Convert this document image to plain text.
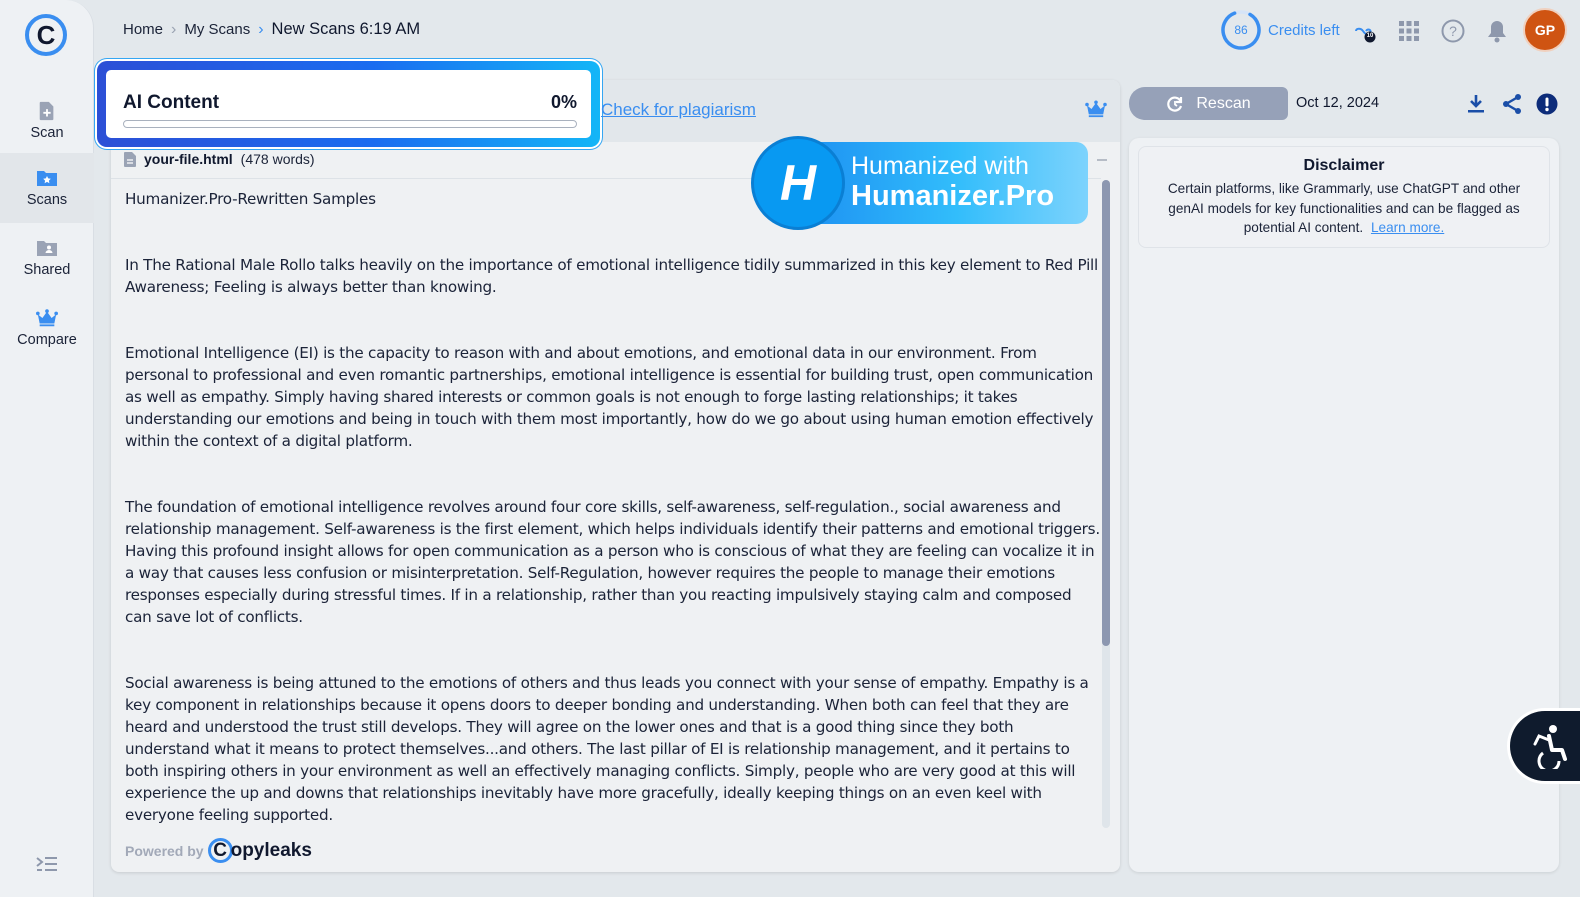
C
Scan
Scans
Shared
Compare
Home › My Scans › New Scans 6:19 AM	86	Credits left	10	?	GP
AI Content	0% Check for plagiarism
your-file.html (478 words)	Humanized with
Humanizer.Pro
H

Humanizer.Pro-Rewritten Samples

In The Rational Male Rollo talks heavily on the importance of emotional intelligence tidily summarized in this key element to Red Pill Awareness; Feeling is always better than knowing.

Emotional Intelligence (EI) is the capacity to reason with and about emotions, and emotional data in our environment. From personal to professional and even romantic partnerships, emotional intelligence is essential for building trust, open communication as well as empathy. Simply having shared interests or common goals is not enough to forge lasting relationships; it takes understanding our emotions and being in touch with them most importantly, how do we go about using human emotion effectively within the context of a digital platform.

The foundation of emotional intelligence revolves around four core skills, self-awareness, self-regulation., social awareness and relationship management. Self-awareness is the first element, which helps individuals identify their patterns and emotional triggers. Having this profound insight allows for open communication as a person who is conscious of what they are feeling can vocalize it in a way that causes less confusion or misinterpretation. Self-Regulation, however requires the people to manage their emotions responses especially during stressful times. If in a relationship, rather than you reacting impulsively staying calm and composed can save lot of conflicts.

Social awareness is being attuned to the emotions of others and thus leads you connect with your sense of empathy. Empathy is a key component in relationships because it opens doors to deeper bonding and understanding. When both can feel that they are heard and understood the trust still develops. They will agree on the lower ones and that is a good thing since they both understand what it means to protect themselves...and others. The last pillar of EI is relationship management, and it pertains to both inspiring others in your environment as well an effectively managing conflicts. Simply, people who are very good at this will experience the up and downs that relationships inevitably have more gracefully, ideally keeping things on an even keel with everyone feeling supported.

Powered by C opyleaks
Rescan	Oct 12, 2024
Disclaimer
Certain platforms, like Grammarly, use ChatGPT and other genAI models for key functionalities and can be flagged as potential AI content. Learn more.
